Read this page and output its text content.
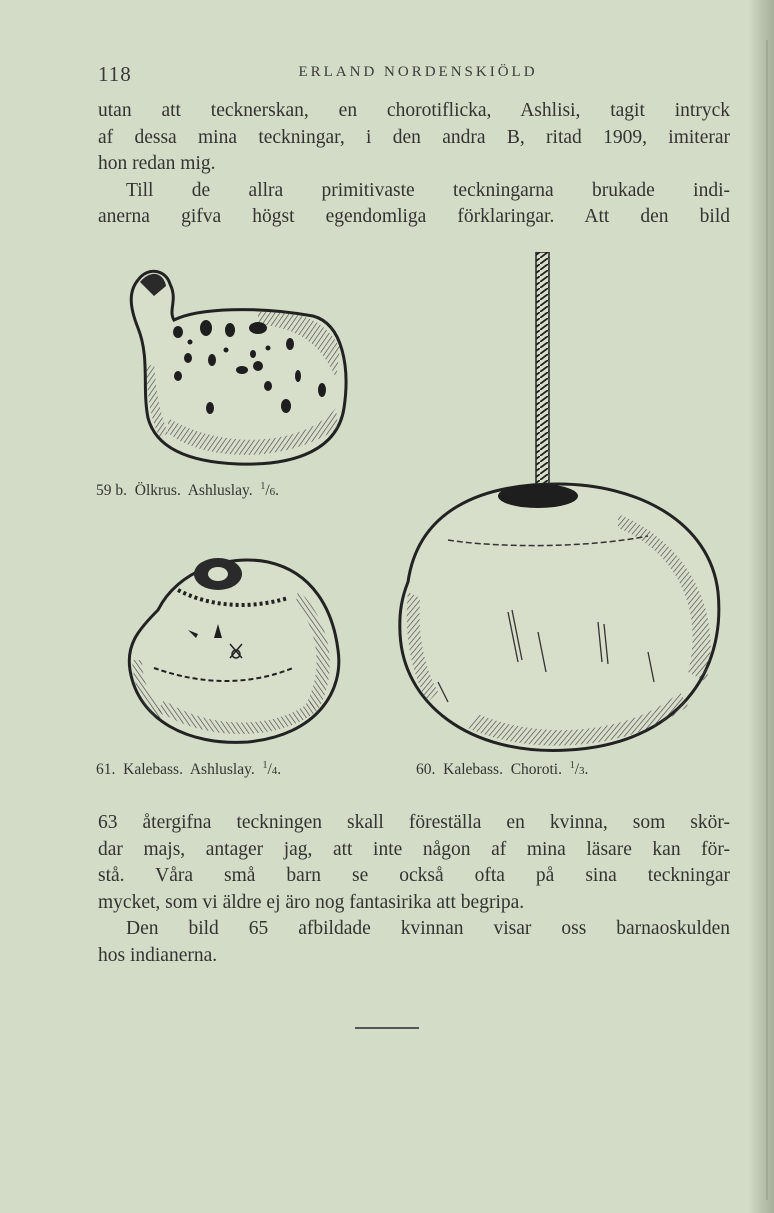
118	ERLAND NORDENSKIÖLD
utan att tecknerskan, en chorotiflicka, Ashlisi, tagit intryck
af dessa mina teckningar, i den andra B, ritad 1909, imiterar
hon redan mig.
Till de allra primitivaste teckningarna brukade indi-
anerna gifva högst egendomliga förklaringar. Att den bild
59 b. Ölkrus. Ashluslay. $^1$/6.
61. Kalebass. Ashluslay. $^1$/4.	60. Kalebass. Choroti. $^1$/3.
63 återgifna teckningen skall föreställa en kvinna, som skör-
dar majs, antager jag, att inte någon af mina läsare kan för-
stå. Våra små barn se också ofta på sina teckningar
mycket, som vi äldre ej äro nog fantasirika att begripa.
Den bild 65 afbildade kvinnan visar oss barnaoskulden
hos indianerna.
